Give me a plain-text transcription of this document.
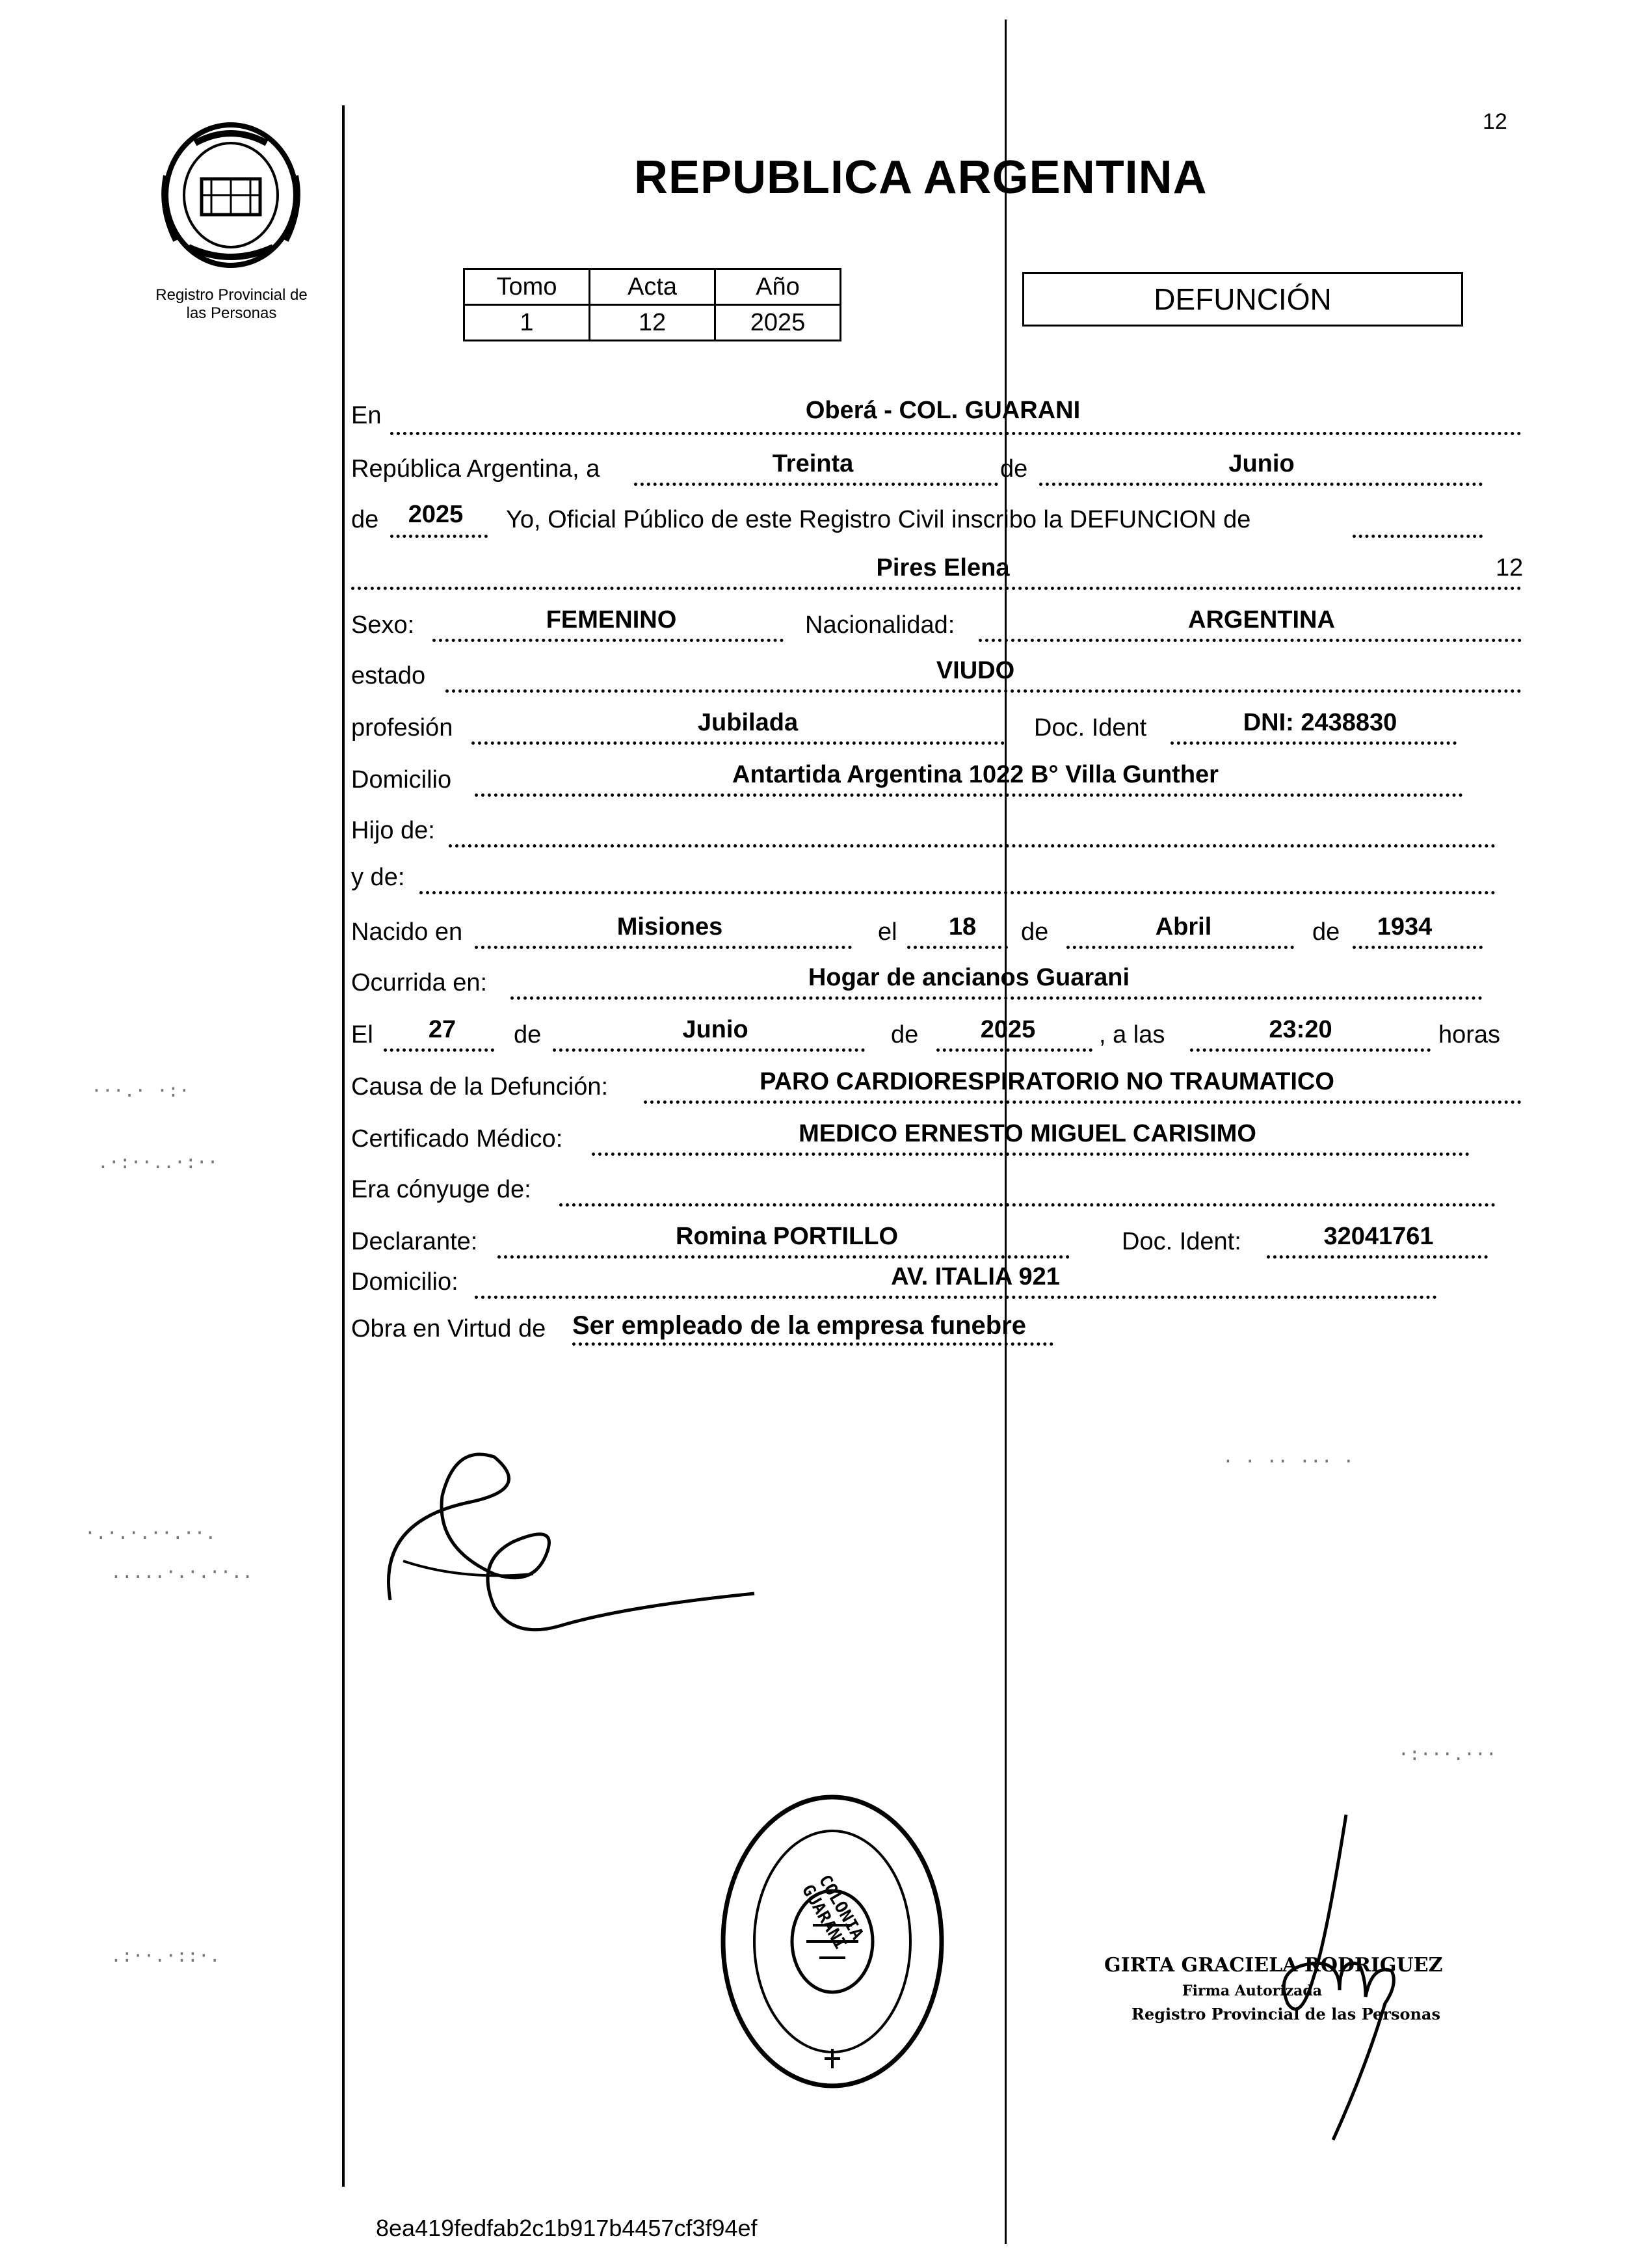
Registro Provincial de
las Personas
12
REPUBLICA ARGENTINA
Tomo	Acta	Año
1	12	2025
DEFUNCIÓN
En	Oberá - COL. GUARANI
República Argentina, a	Treinta	de	Junio
de	2025	Yo, Oficial Público de este Registro Civil inscribo la DEFUNCION de
Pires Elena	12
Sexo:	FEMENINO	Nacionalidad:	ARGENTINA
estado	VIUDO
profesión	Jubilada	Doc. Ident	DNI: 2438830
Domicilio	Antartida Argentina 1022 B° Villa Gunther
Hijo de:
y de:
Nacido en	Misiones	el	18	de	Abril	de	1934
Ocurrida en:	Hogar de ancianos Guarani
El	27	de	Junio	de	2025	, a las	23:20	horas
Causa de la Defunción:	PARO CARDIORESPIRATORIO NO TRAUMATICO
Certificado Médico:	MEDICO ERNESTO MIGUEL CARISIMO
Era cónyuge de:
Declarante:	Romina PORTILLO	Doc. Ident:	32041761
Domicilio:	AV. ITALIA 921
Obra en Virtud de Ser empleado de la empresa funebre
COLONIA GUARANI
GIRTA GRACIELA RODRIGUEZ
Firma Autorizada
Registro Provincial de las Personas
···.· ·:·
.·:··..·:··
·.·.·.··.··.
.....·.·.··..
.:··.·::·.
· · ·· ··· ·
·:···.···
8ea419fedfab2c1b917b4457cf3f94ef
